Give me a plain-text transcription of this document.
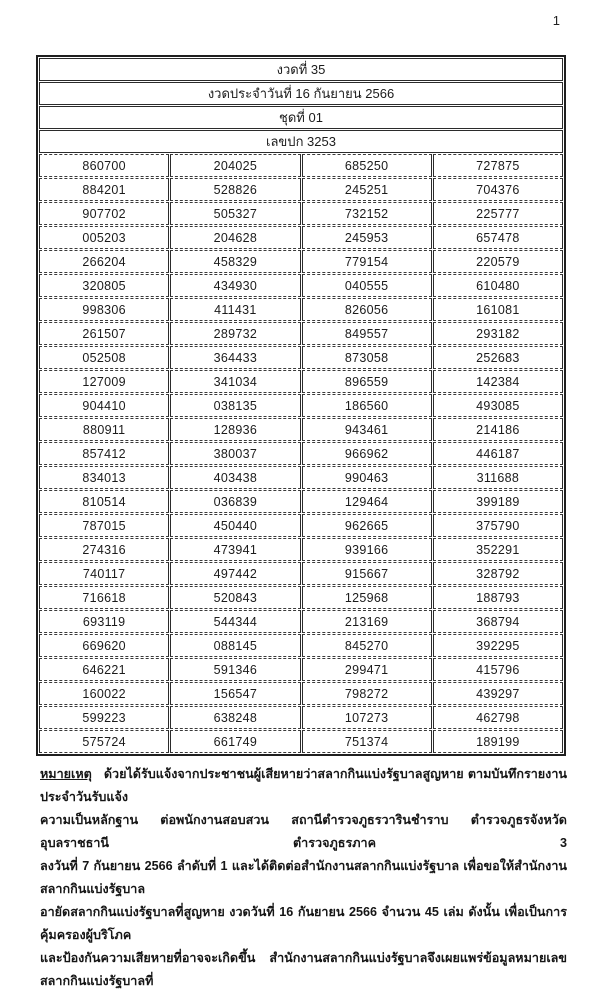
1
งวดที่ 35			
งวดประจำวันที่ 16 กันยายน 2566			
ชุดที่ 01			
เลขปก 3253			
860700	204025	685250	727875
884201	528826	245251	704376
907702	505327	732152	225777
005203	204628	245953	657478
266204	458329	779154	220579
320805	434930	040555	610480
998306	411431	826056	161081
261507	289732	849557	293182
052508	364433	873058	252683
127009	341034	896559	142384
904410	038135	186560	493085
880911	128936	943461	214186
857412	380037	966962	446187
834013	403438	990463	311688
810514	036839	129464	399189
787015	450440	962665	375790
274316	473941	939166	352291
740117	497442	915667	328792
716618	520843	125968	188793
693119	544344	213169	368794
669620	088145	845270	392295
646221	591346	299471	415796
160022	156547	798272	439297
599223	638248	107273	462798
575724	661749	751374	189199
หมายเหตุ ด้วยได้รับแจ้งจากประชาชนผู้เสียหายว่าสลากกินแบ่งรัฐบาลสูญหาย ตามบันทึกรายงานประจำวันรับแจ้ง
ความเป็นหลักฐาน ต่อพนักงานสอบสวน สถานีตำรวจภูธรวารินชำราบ ตำรวจภูธรจังหวัดอุบลราชธานี ตำรวจภูธรภาค 3
ลงวันที่ 7 กันยายน 2566 ลำดับที่ 1 และได้ติดต่อสำนักงานสลากกินแบ่งรัฐบาล เพื่อขอให้สำนักงานสลากกินแบ่งรัฐบาล
อายัดสลากกินแบ่งรัฐบาลที่สูญหาย งวดวันที่ 16 กันยายน 2566 จำนวน 45 เล่ม ดังนั้น เพื่อเป็นการคุ้มครองผู้บริโภค
และป้องกันความเสียหายที่อาจจะเกิดขึ้น สำนักงานสลากกินแบ่งรัฐบาลจึงเผยแพร่ข้อมูลหมายเลขสลากกินแบ่งรัฐบาลที่
